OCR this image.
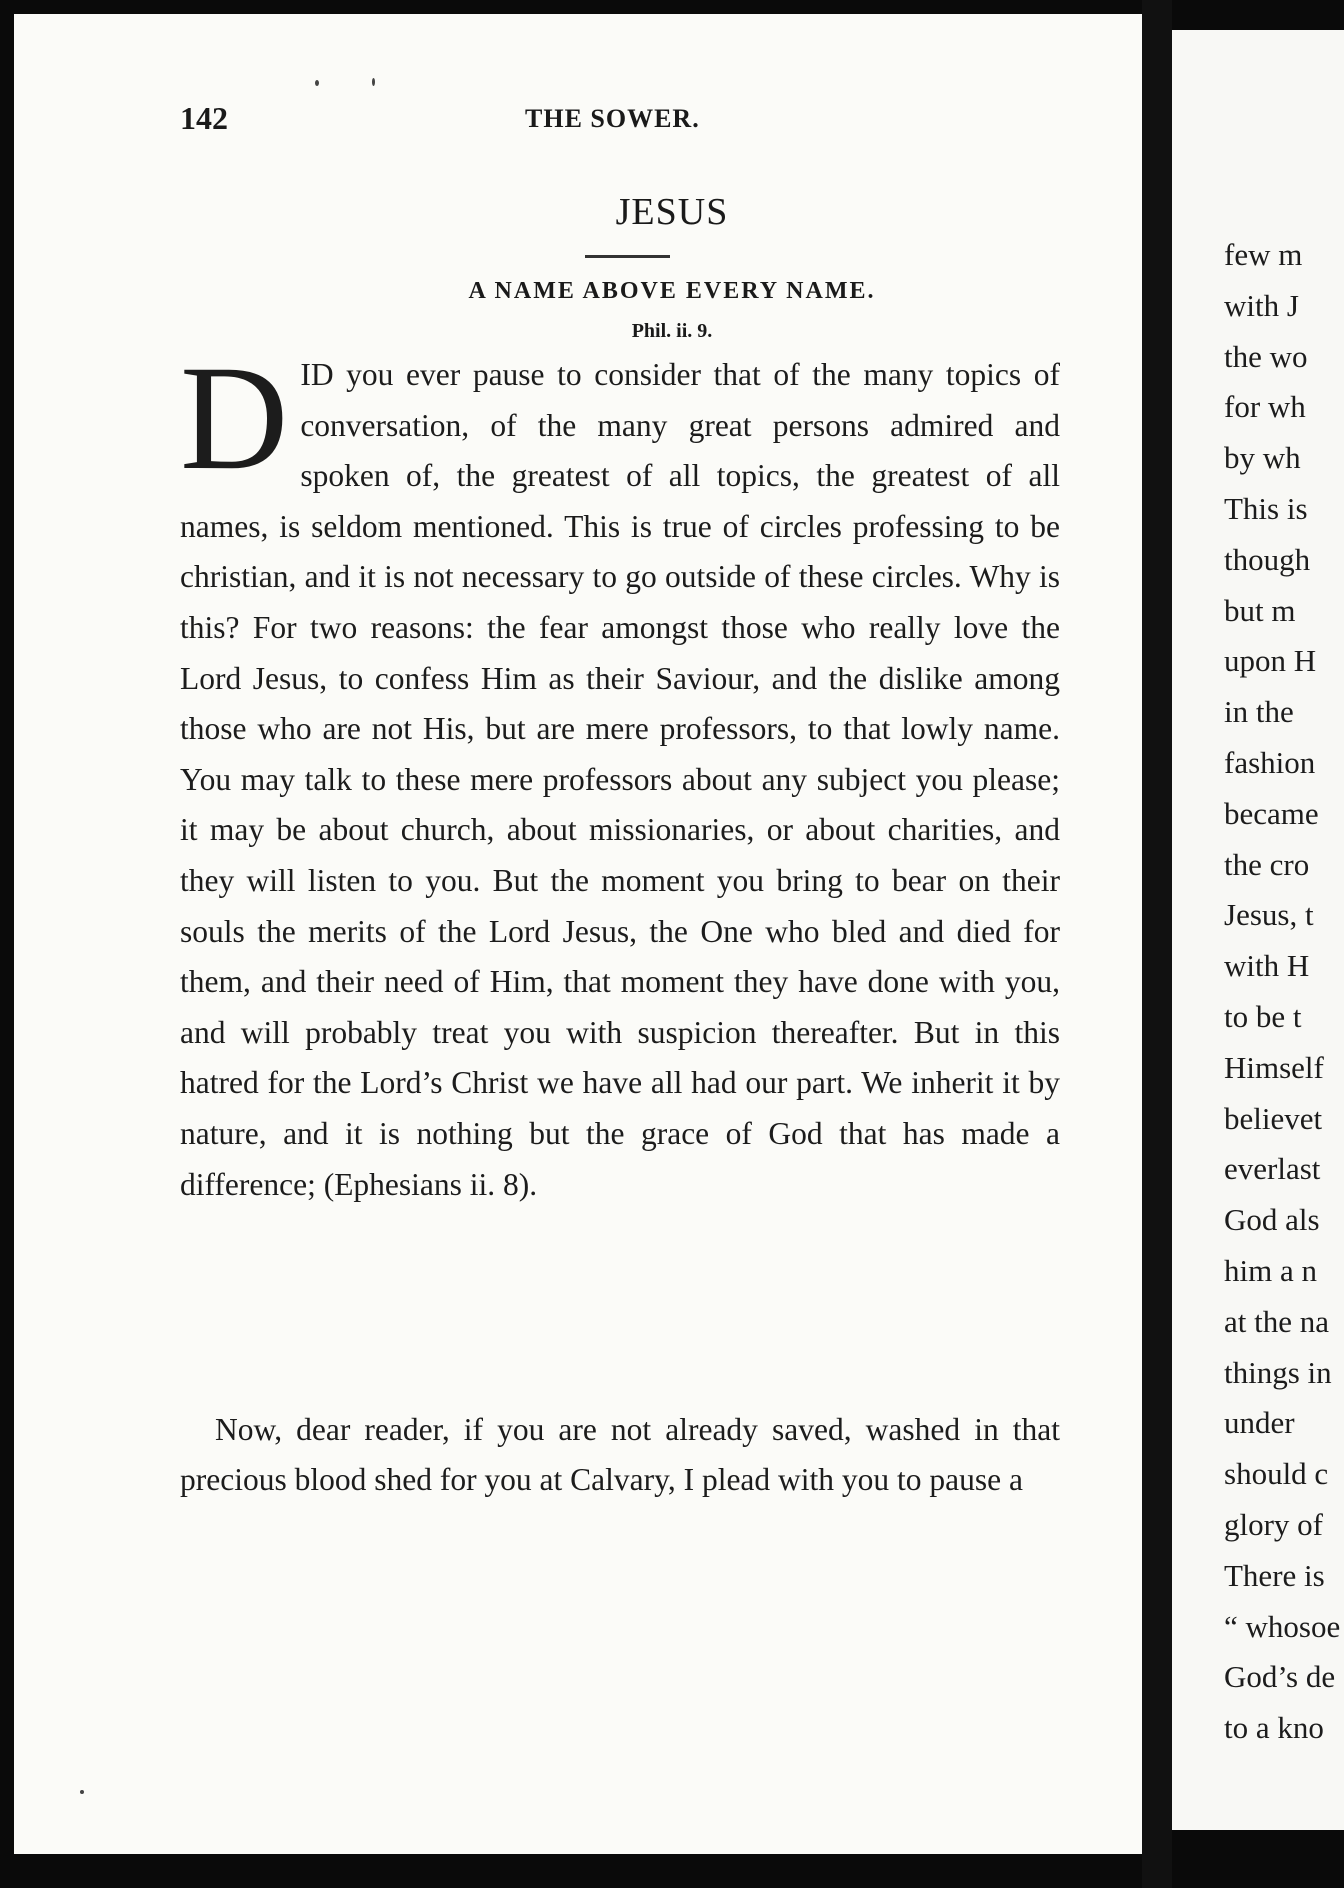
few m
with J
the wo
for wh
by wh
This is
though
but m
upon H
in the
fashion
became
the cro
Jesus, t
with H
to be t
Himself
believet
everlast
God als
him a n
at the na
things in
under
should c
glory of
There is
“ whosoe
God’s de
to a kno
142	THE SOWER.
JESUS
A NAME ABOVE EVERY NAME.
Phil. ii. 9.
DID you ever pause to consider that of the many topics of conversation, of the many great persons admired and spoken of, the greatest of all topics, the greatest of all names, is seldom mentioned. This is true of circles professing to be christian, and it is not necessary to go outside of these circles. Why is this? For two reasons: the fear amongst those who really love the Lord Jesus, to confess Him as their Saviour, and the dislike among those who are not His, but are mere professors, to that lowly name. You may talk to these mere professors about any subject you please; it may be about church, about missionaries, or about charities, and they will listen to you. But the moment you bring to bear on their souls the merits of the Lord Jesus, the One who bled and died for them, and their need of Him, that moment they have done with you, and will probably treat you with suspicion thereafter. But in this hatred for the Lord’s Christ we have all had our part. We inherit it by nature, and it is nothing but the grace of God that has made a difference; (Ephesians ii. 8).
Now, dear reader, if you are not already saved, washed in that precious blood shed for you at Calvary, I plead with you to pause a
